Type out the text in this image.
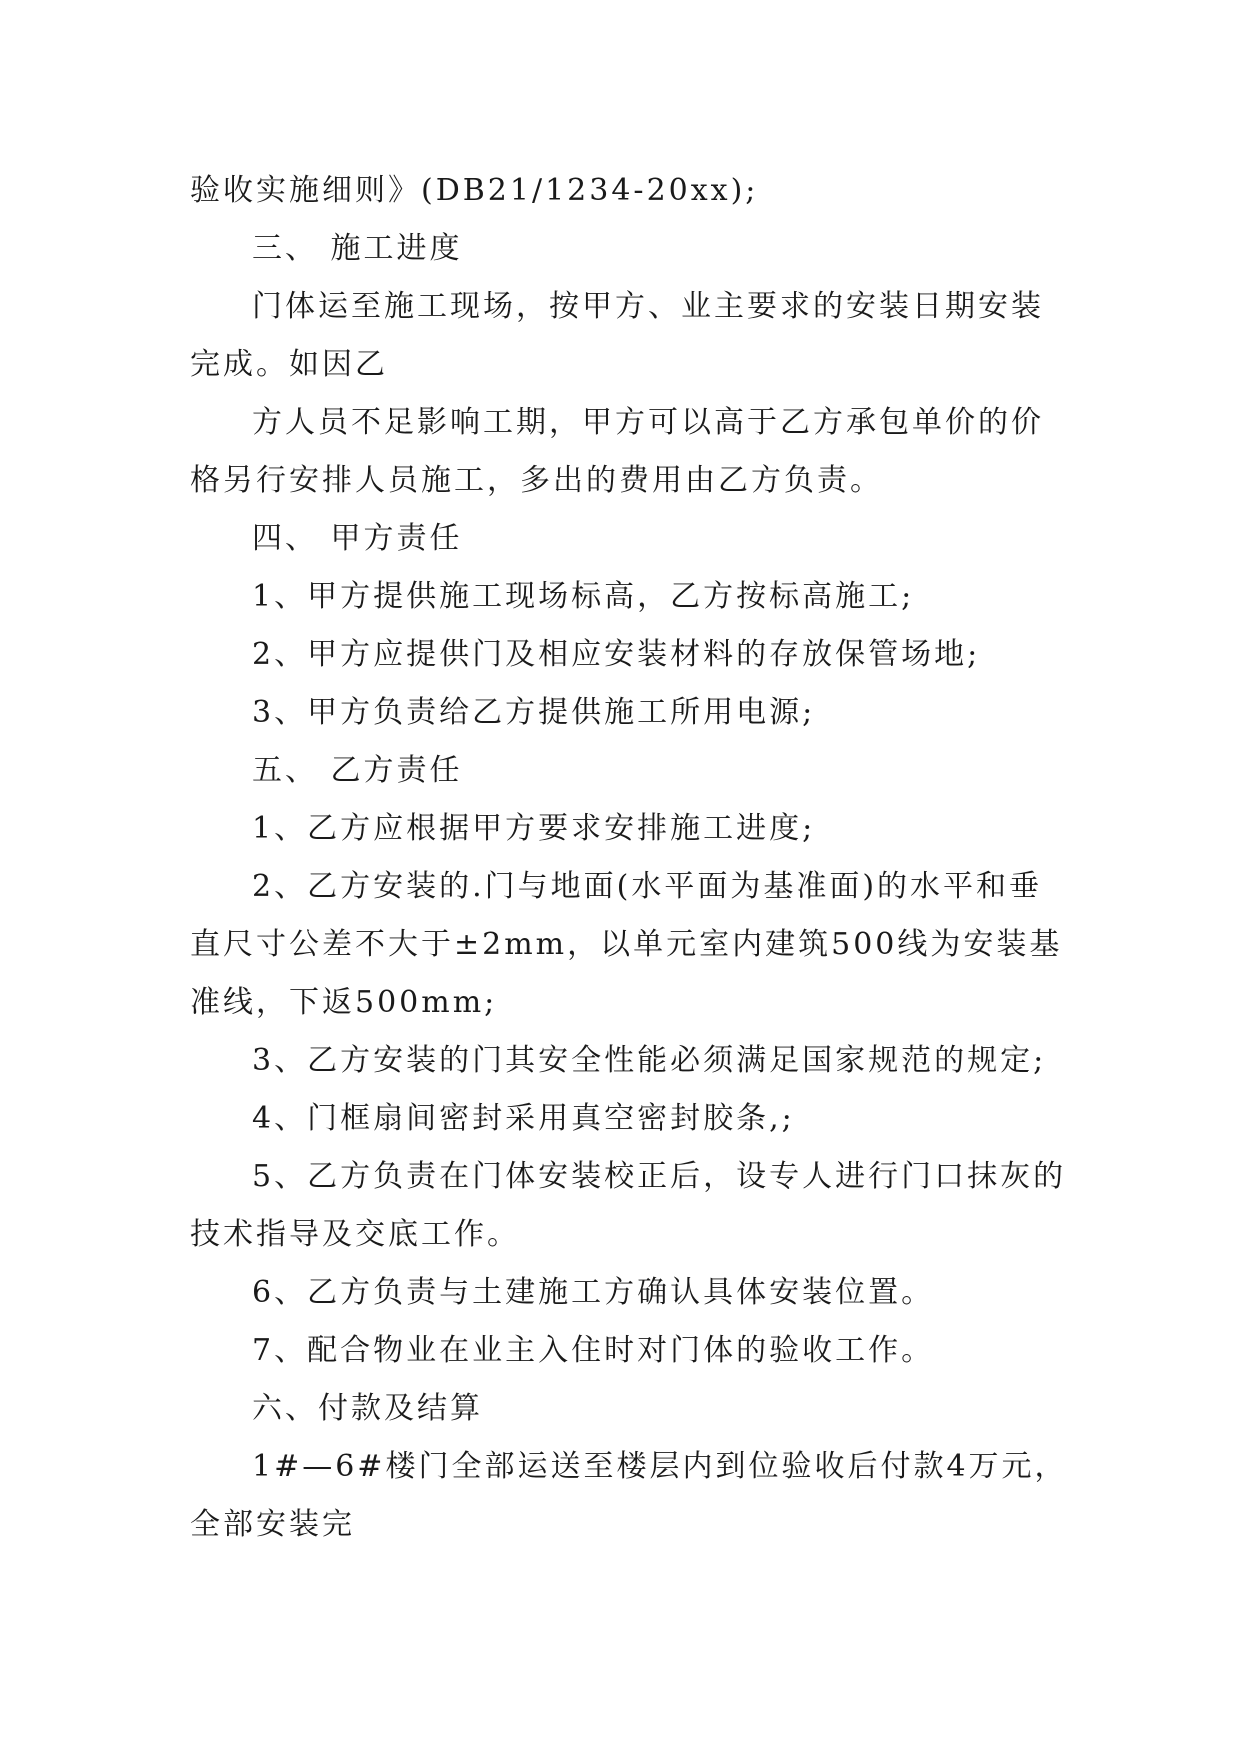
验收实施细则》(DB21/1234-20xx);

三、 施工进度

门体运至施工现场，按甲方、业主要求的安装日期安装完成。如因乙

方人员不足影响工期，甲方可以高于乙方承包单价的价格另行安排人员施工，多出的费用由乙方负责。

四、 甲方责任

1、甲方提供施工现场标高，乙方按标高施工;

2、甲方应提供门及相应安装材料的存放保管场地;

3、甲方负责给乙方提供施工所用电源;

五、 乙方责任

1、乙方应根据甲方要求安排施工进度;

2、乙方安装的.门与地面(水平面为基准面)的水平和垂直尺寸公差不大于±2mm，以单元室内建筑500线为安装基准线，下返500mm;

3、乙方安装的门其安全性能必须满足国家规范的规定;

4、门框扇间密封采用真空密封胶条,;

5、乙方负责在门体安装校正后，设专人进行门口抹灰的技术指导及交底工作。

6、乙方负责与土建施工方确认具体安装位置。

7、配合物业在业主入住时对门体的验收工作。

六、付款及结算

1#—6#楼门全部运送至楼层内到位验收后付款4万元，全部安装完
